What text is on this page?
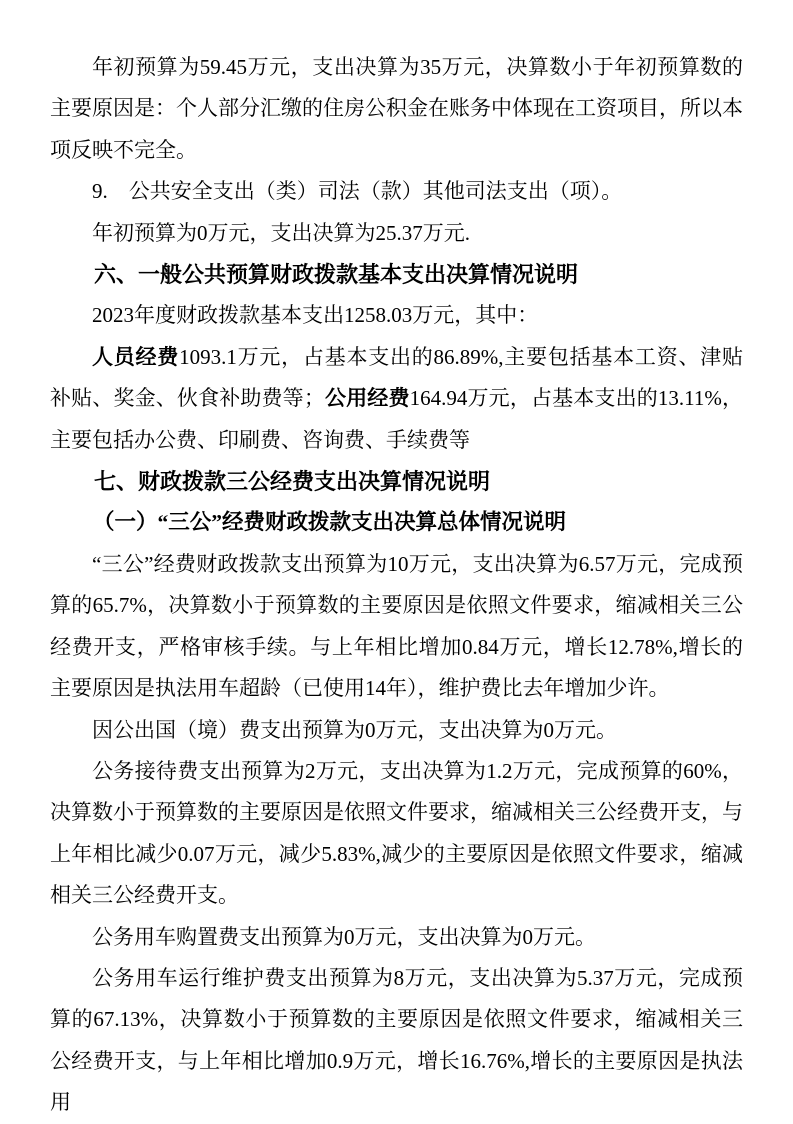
年初预算为59.45万元，支出决算为35万元，决算数小于年初预算数的主要原因是：个人部分汇缴的住房公积金在账务中体现在工资项目，所以本项反映不完全。

9.　公共安全支出（类）司法（款）其他司法支出（项）。

年初预算为0万元，支出决算为25.37万元.

六、一般公共预算财政拨款基本支出决算情况说明

2023年度财政拨款基本支出1258.03万元，其中：

人员经费1093.1万元，占基本支出的86.89%,主要包括基本工资、津贴补贴、奖金、伙食补助费等；公用经费164.94万元，占基本支出的13.11%，主要包括办公费、印刷费、咨询费、手续费等

七、财政拨款三公经费支出决算情况说明

（一）“三公”经费财政拨款支出决算总体情况说明

“三公”经费财政拨款支出预算为10万元，支出决算为6.57万元，完成预算的65.7%，决算数小于预算数的主要原因是依照文件要求，缩减相关三公经费开支，严格审核手续。与上年相比增加0.84万元，增长12.78%,增长的主要原因是执法用车超龄（已使用14年），维护费比去年增加少许。

因公出国（境）费支出预算为0万元，支出决算为0万元。

公务接待费支出预算为2万元，支出决算为1.2万元，完成预算的60%，决算数小于预算数的主要原因是依照文件要求，缩减相关三公经费开支，与上年相比减少0.07万元，减少5.83%,减少的主要原因是依照文件要求，缩减相关三公经费开支。

公务用车购置费支出预算为0万元，支出决算为0万元。

公务用车运行维护费支出预算为8万元，支出决算为5.37万元，完成预算的67.13%，决算数小于预算数的主要原因是依照文件要求，缩减相关三公经费开支，与上年相比增加0.9万元，增长16.76%,增长的主要原因是执法用
